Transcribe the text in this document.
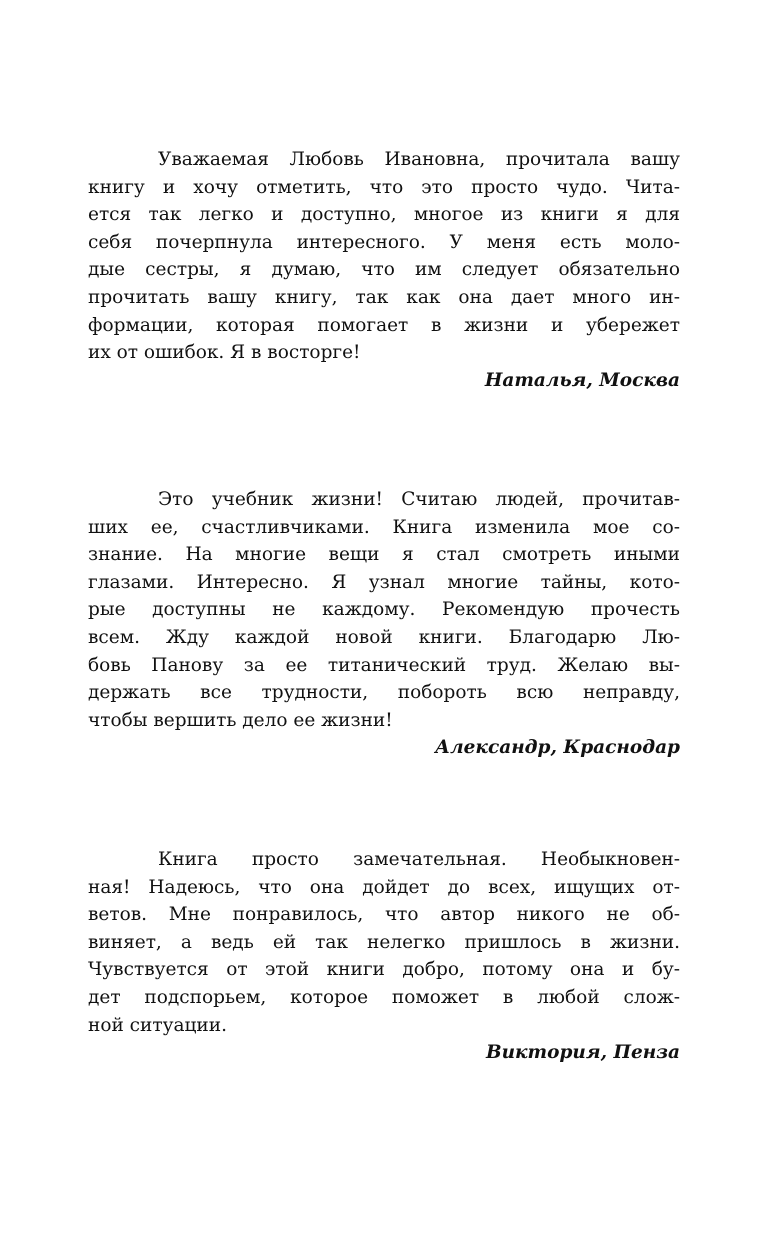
Уважаемая Любовь Ивановна, прочитала вашу
книгу и хочу отметить, что это просто чудо. Чита-
ется так легко и доступно, многое из книги я для
себя почерпнула интересного. У меня есть моло-
дые сестры, я думаю, что им следует обязательно
прочитать вашу книгу, так как она дает много ин-
формации, которая помогает в жизни и убережет
их от ошибок. Я в восторге!
Наталья, Москва
Это учебник жизни! Считаю людей, прочитав-
ших ее, счастливчиками. Книга изменила мое со-
знание. На многие вещи я стал смотреть иными
глазами. Интересно. Я узнал многие тайны, кото-
рые доступны не каждому. Рекомендую прочесть
всем. Жду каждой новой книги. Благодарю Лю-
бовь Панову за ее титанический труд. Желаю вы-
держать все трудности, побороть всю неправду,
чтобы вершить дело ее жизни!
Александр, Краснодар
Книга просто замечательная. Необыкновен-
ная! Надеюсь, что она дойдет до всех, ищущих от-
ветов. Мне понравилось, что автор никого не об-
виняет, а ведь ей так нелегко пришлось в жизни.
Чувствуется от этой книги добро, потому она и бу-
дет подспорьем, которое поможет в любой слож-
ной ситуации.
Виктория, Пенза
